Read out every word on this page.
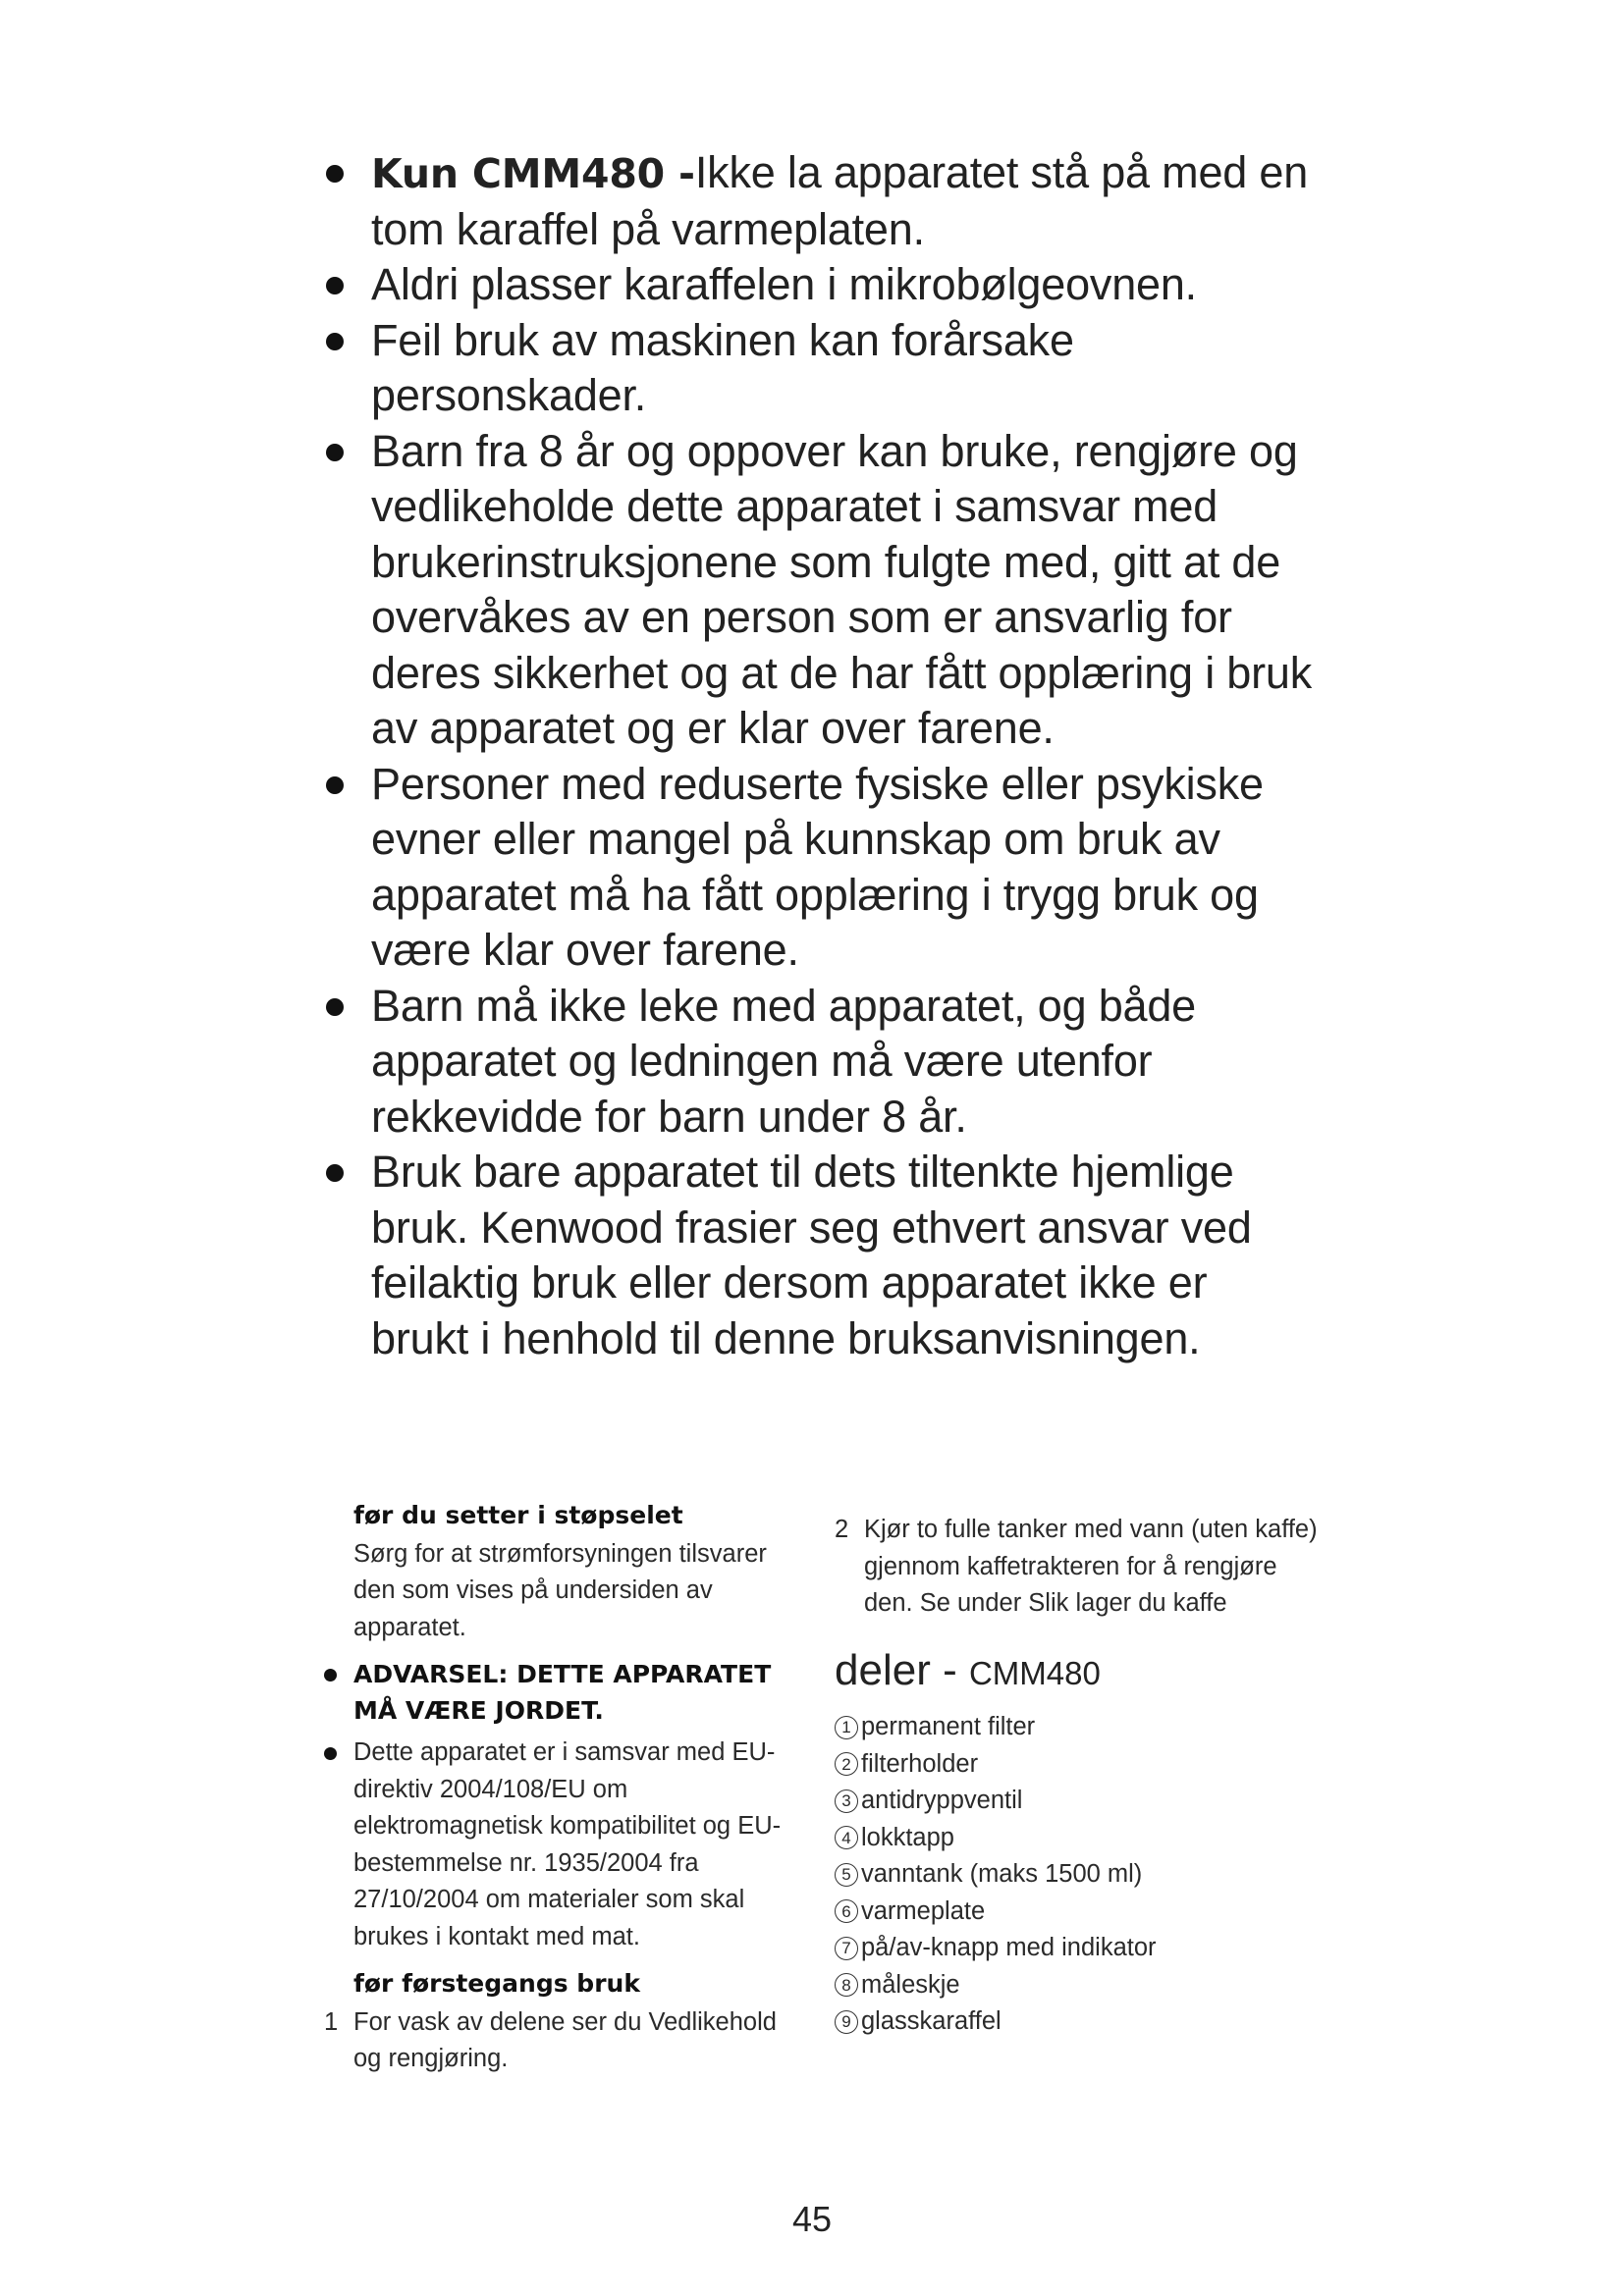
Kun CMM480 -Ikke la apparatet stå på med en tom karaffel på varmeplaten.
Aldri plasser karaffelen i mikrobølgeovnen.
Feil bruk av maskinen kan forårsake personskader.
Barn fra 8 år og oppover kan bruke, rengjøre og vedlikeholde dette apparatet i samsvar med brukerinstruksjonene som fulgte med, gitt at de overvåkes av en person som er ansvarlig for deres sikkerhet og at de har fått opplæring i bruk av apparatet og er klar over farene.
Personer med reduserte fysiske eller psykiske evner eller mangel på kunnskap om bruk av apparatet må ha fått opplæring i trygg bruk og være klar over farene.
Barn må ikke leke med apparatet, og både apparatet og ledningen må være utenfor rekkevidde for barn under 8 år.
Bruk bare apparatet til dets tiltenkte hjemlige bruk. Kenwood frasier seg ethvert ansvar ved feilaktig bruk eller dersom apparatet ikke er brukt i henhold til denne bruksanvisningen.
før du setter i støpselet

Sørg for at strømforsyningen tilsvarer den som vises på undersiden av apparatet.

ADVARSEL: DETTE APPARATET MÅ VÆRE JORDET.
Dette apparatet er i samsvar med EU-direktiv 2004/108/EU om elektromagnetisk kompatibilitet og EU-bestemmelse nr. 1935/2004 fra 27/10/2004 om materialer som skal brukes i kontakt med mat.
før førstegangs bruk
1 For vask av delene ser du Vedlikehold og rengjøring.
2 Kjør to fulle tanker med vann (uten kaffe) gjennom kaffetrakteren for å rengjøre den. Se under Slik lager du kaffe
deler - CMM480
1 permanent filter
2 filterholder
3 antidryppventil
4 lokktapp
5 vanntank (maks 1500 ml)
6 varmeplate
7 på/av-knapp med indikator
8 måleskje
9 glasskaraffel
45
